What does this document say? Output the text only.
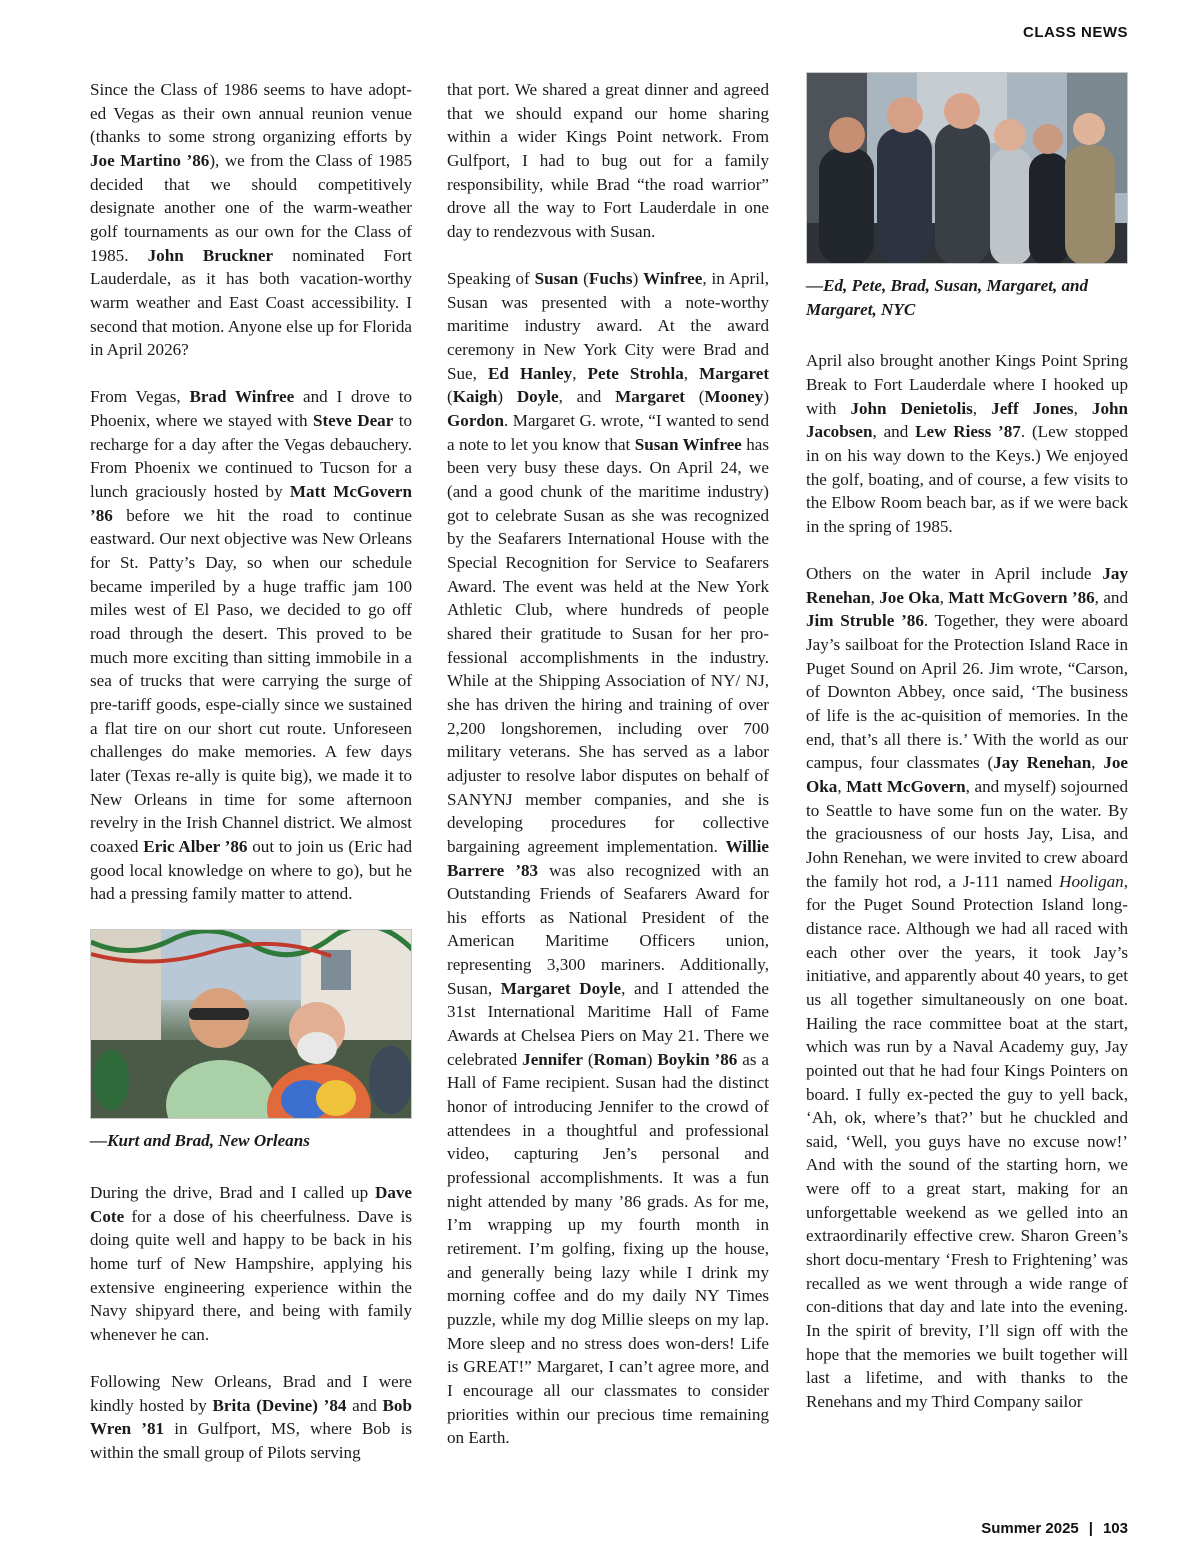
CLASS NEWS

Since the Class of 1986 seems to have adopt-ed Vegas as their own annual reunion venue (thanks to some strong organizing efforts by Joe Martino ’86), we from the Class of 1985 decided that we should competitively designate another one of the warm-weather golf tournaments as our own for the Class of 1985. John Bruckner nominated Fort Lauderdale, as it has both vacation-worthy warm weather and East Coast accessibility. I second that motion. Anyone else up for Florida in April 2026?

From Vegas, Brad Winfree and I drove to Phoenix, where we stayed with Steve Dear to recharge for a day after the Vegas debauchery. From Phoenix we continued to Tucson for a lunch graciously hosted by Matt McGovern ’86 before we hit the road to continue eastward. Our next objective was New Orleans for St. Patty’s Day, so when our schedule became imperiled by a huge traffic jam 100 miles west of El Paso, we decided to go off road through the desert. This proved to be much more exciting than sitting immobile in a sea of trucks that were carrying the surge of pre-tariff goods, espe-cially since we sustained a flat tire on our short cut route. Unforeseen challenges do make memories. A few days later (Texas re-ally is quite big), we made it to New Orleans in time for some afternoon revelry in the Irish Channel district. We almost coaxed Eric Alber ’86 out to join us (Eric had good local knowledge on where to go), but he had a pressing family matter to attend.

—Kurt and Brad, New Orleans

During the drive, Brad and I called up Dave Cote for a dose of his cheerfulness. Dave is doing quite well and happy to be back in his home turf of New Hampshire, applying his extensive engineering experience within the Navy shipyard there, and being with family whenever he can.

Following New Orleans, Brad and I were kindly hosted by Brita (Devine) ’84 and Bob Wren ’81 in Gulfport, MS, where Bob is within the small group of Pilots serving

that port. We shared a great dinner and agreed that we should expand our home sharing within a wider Kings Point network. From Gulfport, I had to bug out for a family responsibility, while Brad “the road warrior” drove all the way to Fort Lauderdale in one day to rendezvous with Susan.

Speaking of Susan (Fuchs) Winfree, in April, Susan was presented with a note-worthy maritime industry award. At the award ceremony in New York City were Brad and Sue, Ed Hanley, Pete Strohla, Margaret (Kaigh) Doyle, and Margaret (Mooney) Gordon. Margaret G. wrote, “I wanted to send a note to let you know that Susan Winfree has been very busy these days. On April 24, we (and a good chunk of the maritime industry) got to celebrate Susan as she was recognized by the Seafarers International House with the Special Recognition for Service to Seafarers Award. The event was held at the New York Athletic Club, where hundreds of people shared their gratitude to Susan for her pro-fessional accomplishments in the industry. While at the Shipping Association of NY/ NJ, she has driven the hiring and training of over 2,200 longshoremen, including over 700 military veterans. She has served as a labor adjuster to resolve labor disputes on behalf of SANYNJ member companies, and she is developing procedures for collective bargaining agreement implementation. Willie Barrere ’83 was also recognized with an Outstanding Friends of Seafarers Award for his efforts as National President of the American Maritime Officers union, representing 3,300 mariners. Additionally, Susan, Margaret Doyle, and I attended the 31st International Maritime Hall of Fame Awards at Chelsea Piers on May 21. There we celebrated Jennifer (Roman) Boykin ’86 as a Hall of Fame recipient. Susan had the distinct honor of introducing Jennifer to the crowd of attendees in a thoughtful and professional video, capturing Jen’s personal and professional accomplishments. It was a fun night attended by many ’86 grads. As for me, I’m wrapping up my fourth month in retirement. I’m golfing, fixing up the house, and generally being lazy while I drink my morning coffee and do my daily NY Times puzzle, while my dog Millie sleeps on my lap. More sleep and no stress does won-ders! Life is GREAT!” Margaret, I can’t agree more, and I encourage all our classmates to consider priorities within our precious time remaining on Earth.

—Ed, Pete, Brad, Susan, Margaret, and Margaret, NYC

April also brought another Kings Point Spring Break to Fort Lauderdale where I hooked up with John Denietolis, Jeff Jones, John Jacobsen, and Lew Riess ’87. (Lew stopped in on his way down to the Keys.) We enjoyed the golf, boating, and of course, a few visits to the Elbow Room beach bar, as if we were back in the spring of 1985.

Others on the water in April include Jay Renehan, Joe Oka, Matt McGovern ’86, and Jim Struble ’86. Together, they were aboard Jay’s sailboat for the Protection Island Race in Puget Sound on April 26. Jim wrote, “Carson, of Downton Abbey, once said, ‘The business of life is the ac-quisition of memories. In the end, that’s all there is.’ With the world as our campus, four classmates (Jay Renehan, Joe Oka, Matt McGovern, and myself) sojourned to Seattle to have some fun on the water. By the graciousness of our hosts Jay, Lisa, and John Renehan, we were invited to crew aboard the family hot rod, a J-111 named Hooligan, for the Puget Sound Protection Island long-distance race. Although we had all raced with each other over the years, it took Jay’s initiative, and apparently about 40 years, to get us all together simultaneously on one boat. Hailing the race committee boat at the start, which was run by a Naval Academy guy, Jay pointed out that he had four Kings Pointers on board. I fully ex-pected the guy to yell back, ‘Ah, ok, where’s that?’ but he chuckled and said, ‘Well, you guys have no excuse now!’ And with the sound of the starting horn, we were off to a great start, making for an unforgettable weekend as we gelled into an extraordinarily effective crew. Sharon Green’s short docu-mentary ‘Fresh to Frightening’ was recalled as we went through a wide range of con-ditions that day and late into the evening. In the spirit of brevity, I’ll sign off with the hope that the memories we built together will last a lifetime, and with thanks to the Renehans and my Third Company sailor

Summer 2025 | 103
